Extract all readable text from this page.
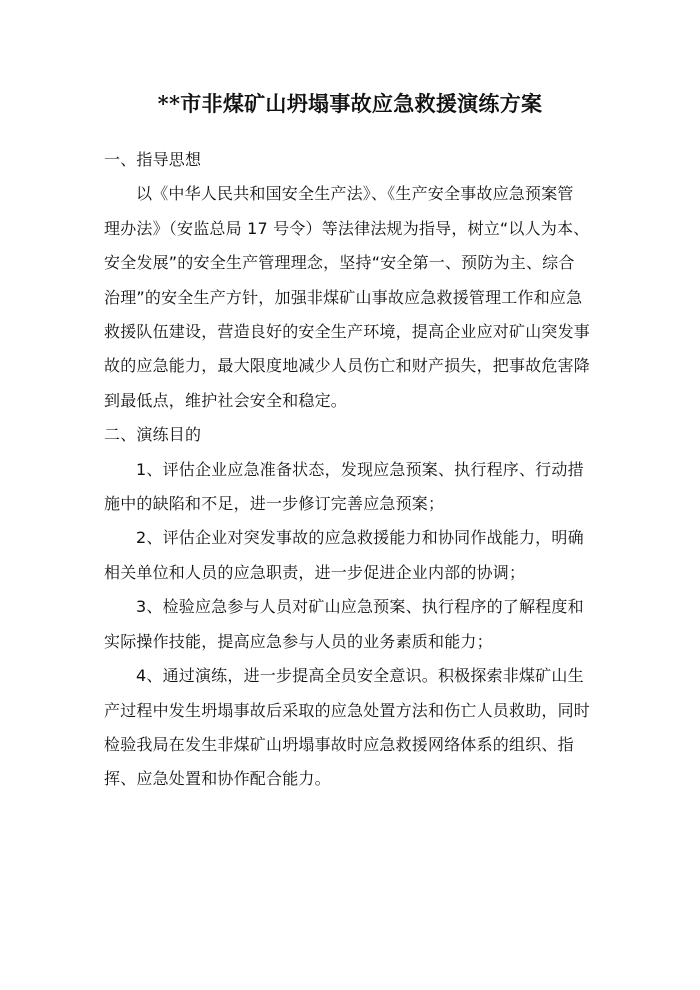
**市非煤矿山坍塌事故应急救援演练方案

一、指导思想

以《中华人民共和国安全生产法》、《生产安全事故应急预案管
理办法》（安监总局 17 号令）等法律法规为指导，树立“以人为本、
安全发展”的安全生产管理理念，坚持“安全第一、预防为主、综合
治理”的安全生产方针，加强非煤矿山事故应急救援管理工作和应急
救援队伍建设，营造良好的安全生产环境，提高企业应对矿山突发事
故的应急能力，最大限度地减少人员伤亡和财产损失，把事故危害降
到最低点，维护社会安全和稳定。

二、演练目的

1、评估企业应急准备状态，发现应急预案、执行程序、行动措
施中的缺陷和不足，进一步修订完善应急预案；

2、评估企业对突发事故的应急救援能力和协同作战能力，明确
相关单位和人员的应急职责，进一步促进企业内部的协调；

3、检验应急参与人员对矿山应急预案、执行程序的了解程度和
实际操作技能，提高应急参与人员的业务素质和能力；

4、通过演练，进一步提高全员安全意识。积极探索非煤矿山生
产过程中发生坍塌事故后采取的应急处置方法和伤亡人员救助，同时
检验我局在发生非煤矿山坍塌事故时应急救援网络体系的组织、指
挥、应急处置和协作配合能力。
